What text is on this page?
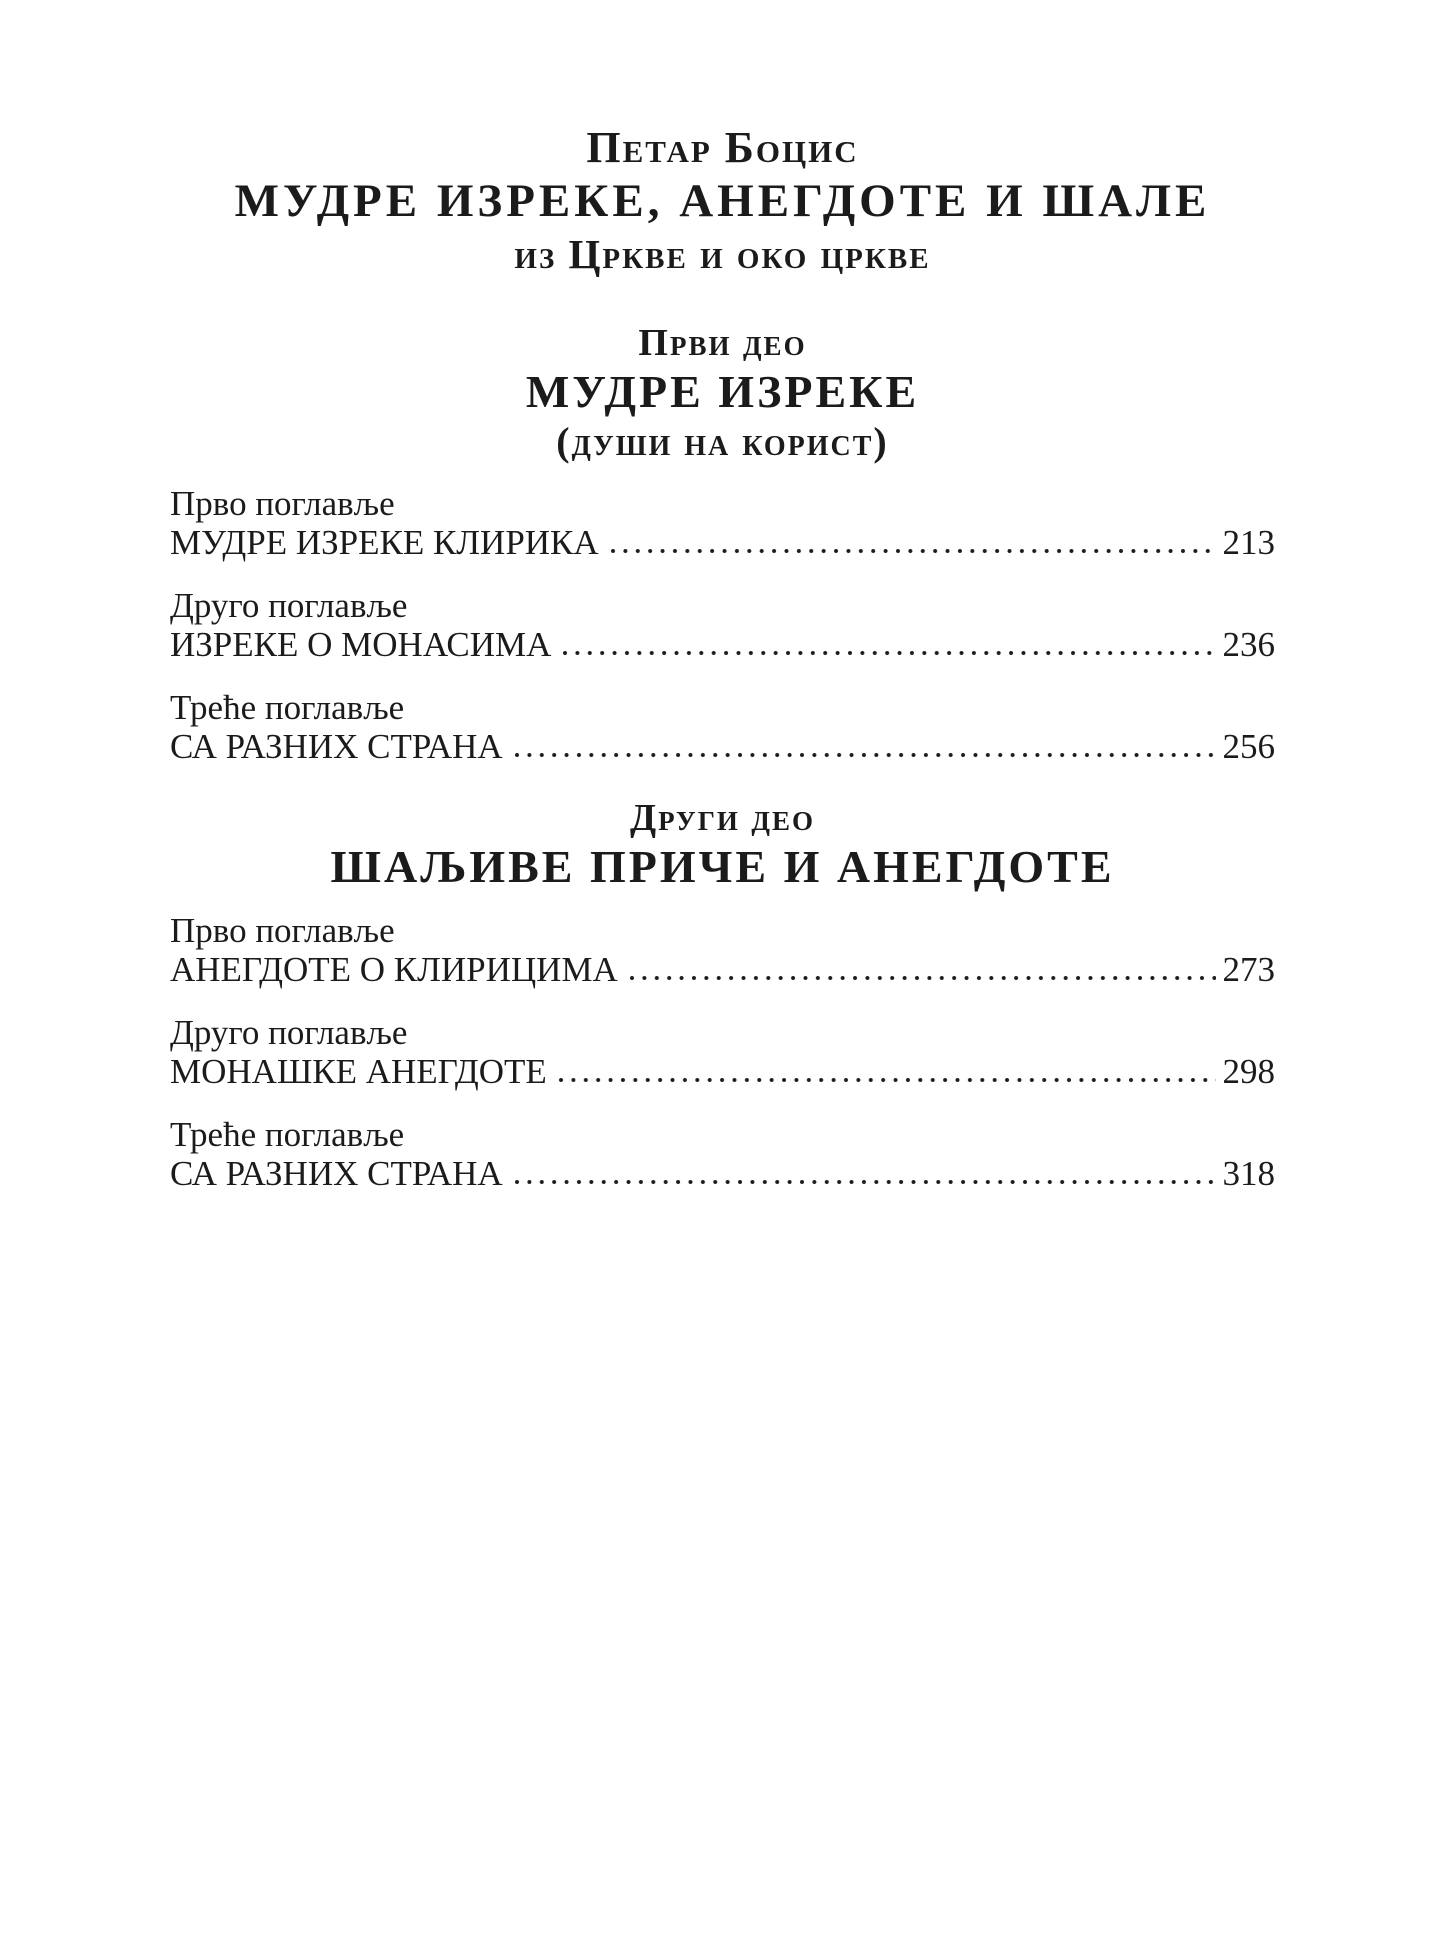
Петар Боцис
МУДРЕ ИЗРЕКЕ, АНЕГДОТЕ И ШАЛЕ
из Цркве и око цркве
Први део
МУДРЕ ИЗРЕКЕ
(души на корист)
Прво поглавље
МУДРЕ ИЗРЕКЕ КЛИРИКА	213
Друго поглавље
ИЗРЕКЕ О МОНАСИМА	236
Треће поглавље
СА РАЗНИХ СТРАНА	256
Други део
ШАЉИВЕ ПРИЧЕ И АНЕГДОТЕ
Прво поглавље
АНЕГДОТЕ О КЛИРИЦИМА	273
Друго поглавље
МОНАШКЕ АНЕГДОТЕ	298
Треће поглавље
СА РАЗНИХ СТРАНА	318
